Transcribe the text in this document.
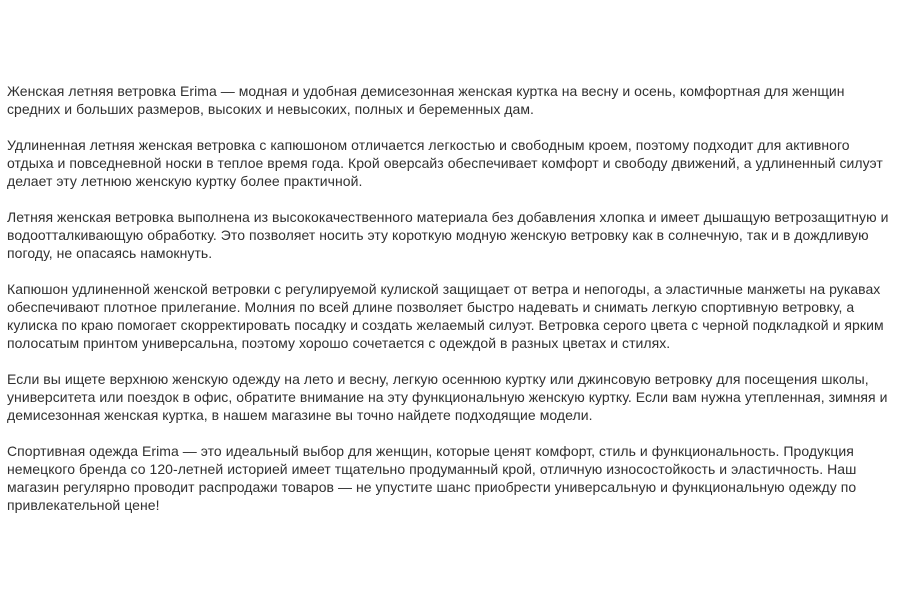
Женская летняя ветровка Erima — модная и удобная демисезонная женская куртка на весну и осень, комфортная для женщин средних и больших размеров, высоких и невысоких, полных и беременных дам.

Удлиненная летняя женская ветровка с капюшоном отличается легкостью и свободным кроем, поэтому подходит для активного отдыха и повседневной носки в теплое время года. Крой оверсайз обеспечивает комфорт и свободу движений, а удлиненный силуэт делает эту летнюю женскую куртку более практичной.

Летняя женская ветровка выполнена из высококачественного материала без добавления хлопка и имеет дышащую ветрозащитную и водоотталкивающую обработку. Это позволяет носить эту короткую модную женскую ветровку как в солнечную, так и в дождливую погоду, не опасаясь намокнуть.

Капюшон удлиненной женской ветровки с регулируемой кулиской защищает от ветра и непогоды, а эластичные манжеты на рукавах обеспечивают плотное прилегание. Молния по всей длине позволяет быстро надевать и снимать легкую спортивную ветровку, а кулиска по краю помогает скорректировать посадку и создать желаемый силуэт. Ветровка серого цвета с черной подкладкой и ярким полосатым принтом универсальна, поэтому хорошо сочетается с одеждой в разных цветах и стилях.

Если вы ищете верхнюю женскую одежду на лето и весну, легкую осеннюю куртку или джинсовую ветровку для посещения школы, университета или поездок в офис, обратите внимание на эту функциональную женскую куртку. Если вам нужна утепленная, зимняя и демисезонная женская куртка, в нашем магазине вы точно найдете подходящие модели.

Спортивная одежда Erima — это идеальный выбор для женщин, которые ценят комфорт, стиль и функциональность. Продукция немецкого бренда со 120-летней историей имеет тщательно продуманный крой, отличную износостойкость и эластичность. Наш магазин регулярно проводит распродажи товаров — не упустите шанс приобрести универсальную и функциональную одежду по привлекательной цене!
